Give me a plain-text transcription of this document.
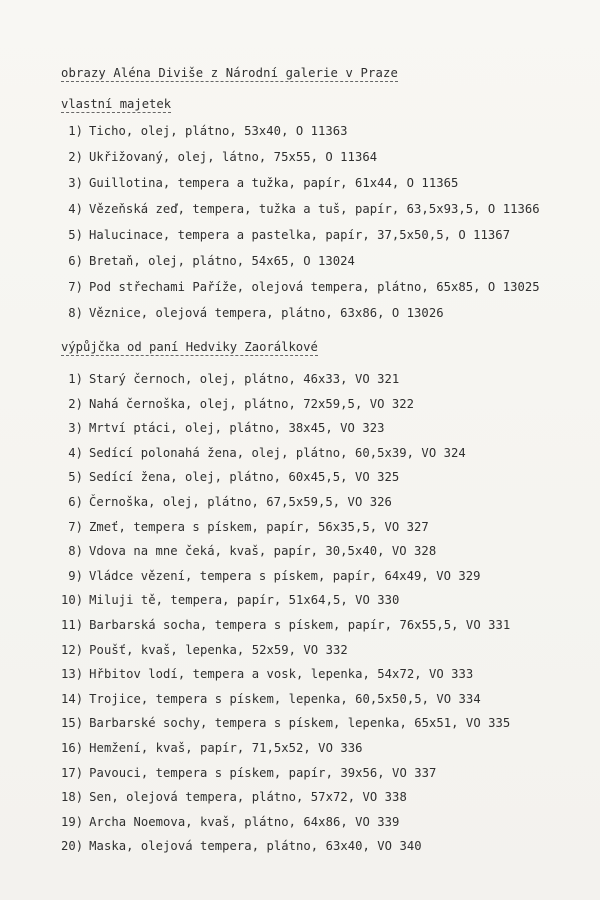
obrazy Aléna Diviše z Národní galerie v Praze
vlastní majetek
1) Ticho, olej, plátno, 53x40, O 11363
2) Ukřižovaný, olej, látno, 75x55, O 11364
3) Guillotina, tempera a tužka, papír, 61x44, O 11365
4) Vězeňská zeď, tempera, tužka a tuš, papír, 63,5x93,5, O 11366
5) Halucinace, tempera a pastelka, papír, 37,5x50,5, O 11367
6) Bretaň, olej, plátno, 54x65, O 13024
7) Pod střechami Paříže, olejová tempera, plátno, 65x85, O 13025
8) Věznice, olejová tempera, plátno, 63x86, O 13026
výpůjčka od paní Hedviky Zaorálkové
1) Starý černoch, olej, plátno, 46x33, VO 321
2) Nahá černoška, olej, plátno, 72x59,5, VO 322
3) Mrtví ptáci, olej, plátno, 38x45, VO 323
4) Sedící polonahá žena, olej, plátno, 60,5x39, VO 324
5) Sedící žena, olej, plátno, 60x45,5, VO 325
6) Černoška, olej, plátno, 67,5x59,5, VO 326
7) Zmeť, tempera s pískem, papír, 56x35,5, VO 327
8) Vdova na mne čeká, kvaš, papír, 30,5x40, VO 328
9) Vládce vězení, tempera s pískem, papír, 64x49, VO 329
10) Miluji tě, tempera, papír, 51x64,5, VO 330
11) Barbarská socha, tempera s pískem, papír, 76x55,5, VO 331
12) Poušť, kvaš, lepenka, 52x59, VO 332
13) Hřbitov lodí, tempera a vosk, lepenka, 54x72, VO 333
14) Trojice, tempera s pískem, lepenka, 60,5x50,5, VO 334
15) Barbarské sochy, tempera s pískem, lepenka, 65x51, VO 335
16) Hemžení, kvaš, papír, 71,5x52, VO 336
17) Pavouci, tempera s pískem, papír, 39x56, VO 337
18) Sen, olejová tempera, plátno, 57x72, VO 338
19) Archa Noemova, kvaš, plátno, 64x86, VO 339
20) Maska, olejová tempera, plátno, 63x40, VO 340
